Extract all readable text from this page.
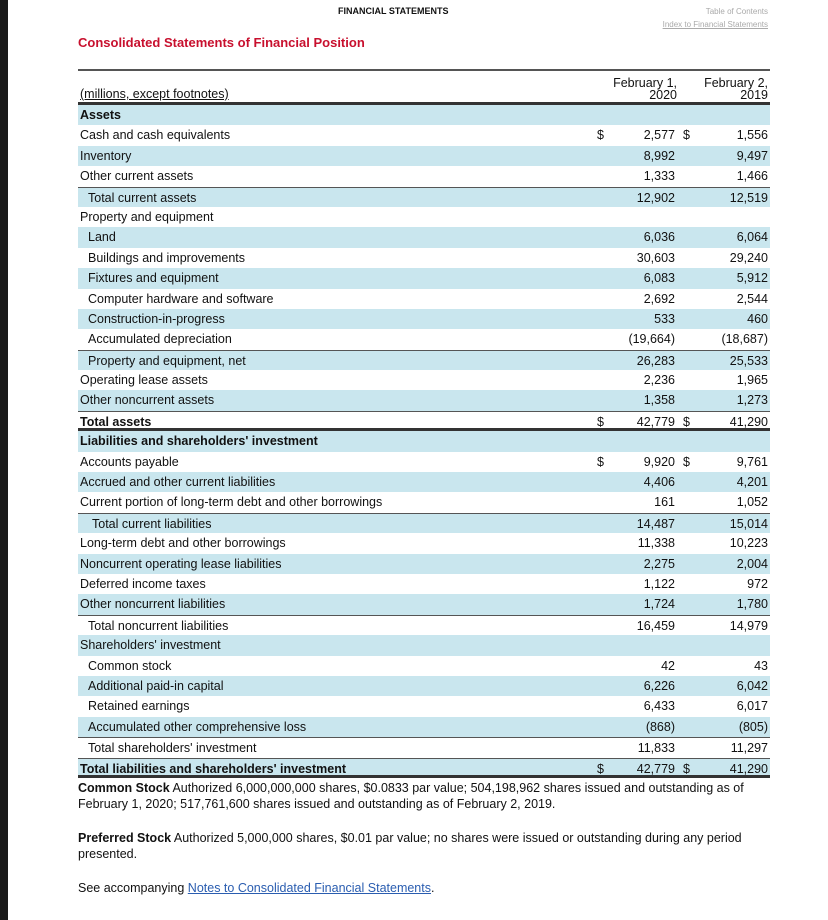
FINANCIAL STATEMENTS	Table of Contents
Index to Financial Statements
Consolidated Statements of Financial Position
(millions, except footnotes)
February 1,
2020
February 2,
2019
Assets
Cash and cash equivalents	$	2,577 $	1,556
Inventory	8,992	9,497
Other current assets	1,333	1,466
Total current assets	12,902	12,519
Property and equipment
Land	6,036	6,064
Buildings and improvements	30,603	29,240
Fixtures and equipment	6,083	5,912
Computer hardware and software	2,692	2,544
Construction-in-progress	533	460
Accumulated depreciation	(19,664)	(18,687)
Property and equipment, net	26,283	25,533
Operating lease assets	2,236	1,965
Other noncurrent assets	1,358	1,273
Total assets	$	42,779 $	41,290
Liabilities and shareholders' investment
Accounts payable	$	9,920 $	9,761
Accrued and other current liabilities	4,406	4,201
Current portion of long-term debt and other borrowings	161	1,052
Total current liabilities	14,487	15,014
Long-term debt and other borrowings	11,338	10,223
Noncurrent operating lease liabilities	2,275	2,004
Deferred income taxes	1,122	972
Other noncurrent liabilities	1,724	1,780
Total noncurrent liabilities	16,459	14,979
Shareholders' investment
Common stock	42	43
Additional paid-in capital	6,226	6,042
Retained earnings	6,433	6,017
Accumulated other comprehensive loss	(868)	(805)
Total shareholders' investment	11,833	11,297
Total liabilities and shareholders' investment	$	42,779 $	41,290

Common Stock Authorized 6,000,000,000 shares, $0.0833 par value; 504,198,962 shares issued and outstanding as of February 1, 2020; 517,761,600 shares issued and outstanding as of February 2, 2019.

Preferred Stock Authorized 5,000,000 shares, $0.01 par value; no shares were issued or outstanding during any period presented.

See accompanying Notes to Consolidated Financial Statements.
